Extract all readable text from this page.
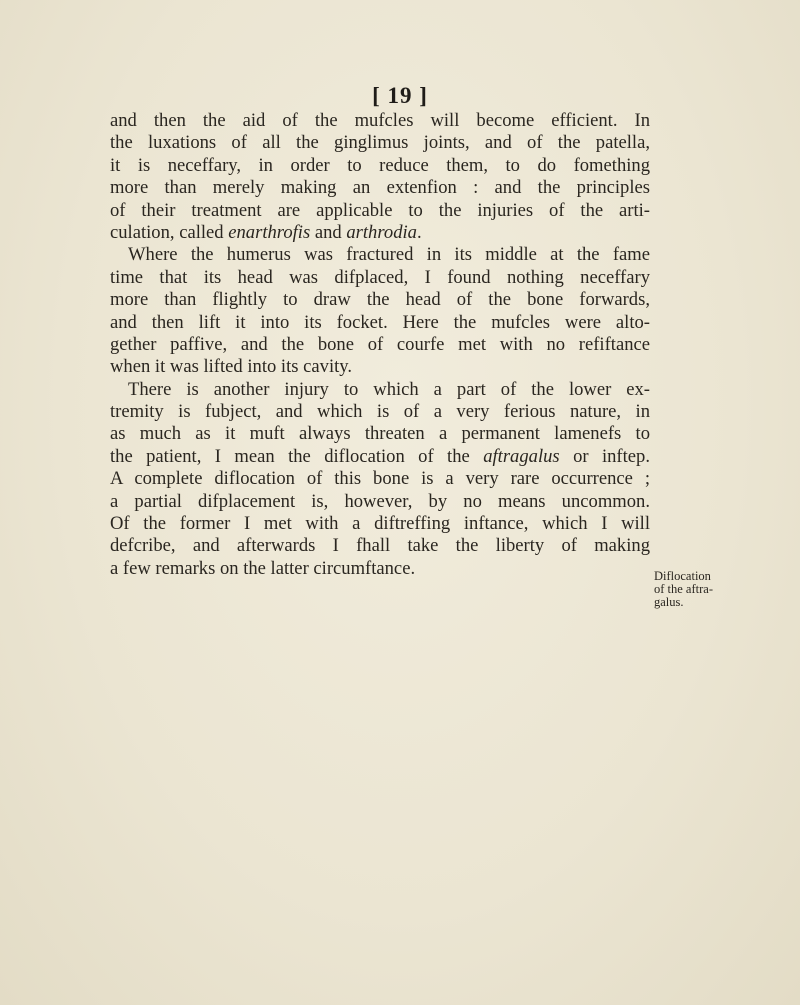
[ 19 ]
and then the aid of the mufcles will become efficient. In
the luxations of all the ginglimus joints, and of the patella,
it is neceffary, in order to reduce them, to do fomething
more than merely making an extenfion : and the principles
of their treatment are applicable to the injuries of the arti-
culation, called enarthrofis and arthrodia.
Where the humerus was fractured in its middle at the fame
time that its head was difplaced, I found nothing neceffary
more than flightly to draw the head of the bone forwards,
and then lift it into its focket. Here the mufcles were alto-
gether paffive, and the bone of courfe met with no refiftance
when it was lifted into its cavity.
There is another injury to which a part of the lower ex-
tremity is fubject, and which is of a very ferious nature, in
as much as it muft always threaten a permanent lamenefs to
the patient, I mean the diflocation of the aftragalus or inftep.
A complete diflocation of this bone is a very rare occurrence ;
a partial difplacement is, however, by no means uncommon.
Of the former I met with a diftreffing inftance, which I will
defcribe, and afterwards I fhall take the liberty of making
a few remarks on the latter circumftance.	Diflocation
of the aftra-
galus.
